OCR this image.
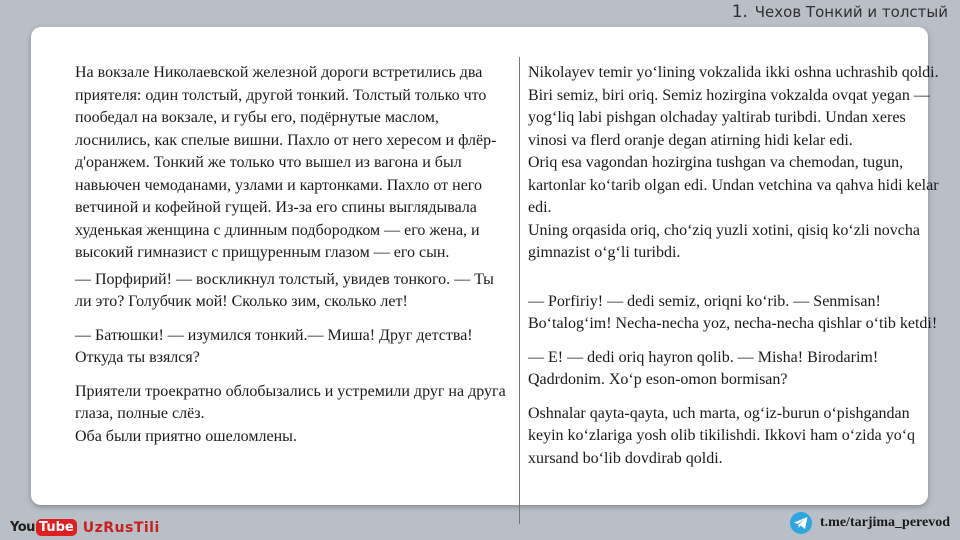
1. Чехов Тонкий и толстый

На вокзале Николаевской железной дороги встретились два приятеля: один толстый, другой тонкий. Толстый только что пообедал на вокзале, и губы его, подёрнутые маслом, лоснились, как спелые вишни. Пахло от него хересом и флёр-д'оранжем. Тонкий же только что вышел из вагона и был навьючен чемоданами, узлами и картонками. Пахло от него ветчиной и кофейной гущей. Из-за его спины выглядывала худенькая женщина с длинным подбородком — его жена, и высокий гимназист с прищуренным глазом — его сын.

— Порфирий! — воскликнул толстый, увидев тонкого. — Ты ли это? Голубчик мой! Сколько зим, сколько лет!

— Батюшки! — изумился тонкий.— Миша! Друг детства! Откуда ты взялся?

Приятели троекратно облобызались и устремили друг на друга глаза, полные слёз.
Оба были приятно ошеломлены.

Nikolayev temir yoʻlining vokzalida ikki oshna uchrashib qoldi. Biri semiz, biri oriq. Semiz hozirgina vokzalda ovqat yegan — yogʻliq labi pishgan olchaday yaltirab turibdi. Undan xeres vinosi va flerd oranje degan atirning hidi kelar edi.
Oriq esa vagondan hozirgina tushgan va chemodan, tugun, kartonlar koʻtarib olgan edi. Undan vetchina va qahva hidi kelar edi.
Uning orqasida oriq, choʻziq yuzli xotini, qisiq koʻzli novcha gimnazist oʻgʻli turibdi.

— Porfiriy! — dedi semiz, oriqni koʻrib. — Senmisan! Boʻtalogʻim! Necha-necha yoz, necha-necha qishlar oʻtib ketdi!

— E! — dedi oriq hayron qolib. — Misha! Birodarim! Qadrdonim. Xoʻp eson-omon bormisan?

Oshnalar qayta-qayta, uch marta, ogʻiz-burun oʻpishgandan keyin koʻzlariga yosh olib tikilishdi. Ikkovi ham oʻzida yoʻq xursand boʻlib dovdirab qoldi.

You Tube UzRusTili	t.me/tarjima_perevod
